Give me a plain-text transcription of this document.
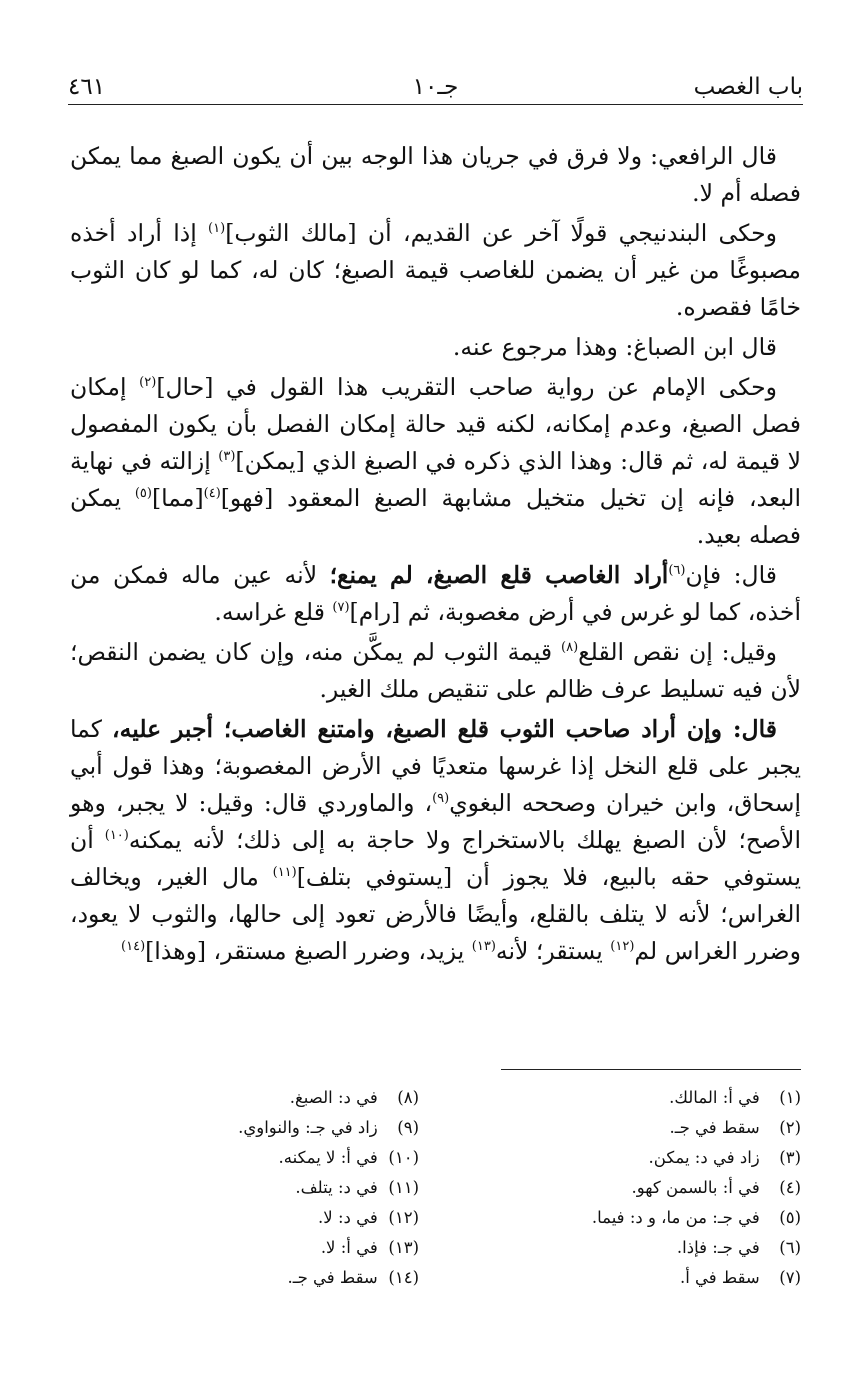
باب الغصب
جـ١٠
٤٦١

قال الرافعي: ولا فرق في جريان هذا الوجه بين أن يكون الصبغ مما يمكن فصله أم لا.

وحكى البندنيجي قولًا آخر عن القديم، أن [مالك الثوب]$^{(١)}$ إذا أراد أخذه مصبوغًا من غير أن يضمن للغاصب قيمة الصبغ؛ كان له، كما لو كان الثوب خامًا فقصره.

قال ابن الصباغ: وهذا مرجوع عنه.

وحكى الإمام عن رواية صاحب التقريب هذا القول في [حال]$^{(٢)}$ إمكان فصل الصبغ، وعدم إمكانه، لكنه قيد حالة إمكان الفصل بأن يكون المفصول لا قيمة له، ثم قال: وهذا الذي ذكره في الصبغ الذي [يمكن]$^{(٣)}$ إزالته في نهاية البعد، فإنه إن تخيل متخيل مشابهة الصبغ المعقود [فهو]$^{(٤)}$[مما]$^{(٥)}$ يمكن فصله بعيد.

قال: فإن$^{(٦)}$أراد الغاصب قلع الصبغ، لم يمنع؛ لأنه عين ماله فمكن من أخذه، كما لو غرس في أرض مغصوبة، ثم [رام]$^{(٧)}$ قلع غراسه.

وقيل: إن نقص القلع$^{(٨)}$ قيمة الثوب لم يمكَّن منه، وإن كان يضمن النقص؛ لأن فيه تسليط عرف ظالم على تنقيص ملك الغير.

قال: وإن أراد صاحب الثوب قلع الصبغ، وامتنع الغاصب؛ أجبر عليه، كما يجبر على قلع النخل إذا غرسها متعديًا في الأرض المغصوبة؛ وهذا قول أبي إسحاق، وابن خيران وصححه البغوي$^{(٩)}$، والماوردي قال: وقيل: لا يجبر، وهو الأصح؛ لأن الصبغ يهلك بالاستخراج ولا حاجة به إلى ذلك؛ لأنه يمكنه$^{(١٠)}$ أن يستوفي حقه بالبيع، فلا يجوز أن [يستوفي بتلف]$^{(١١)}$ مال الغير، ويخالف الغراس؛ لأنه لا يتلف بالقلع، وأيضًا فالأرض تعود إلى حالها، والثوب لا يعود، وضرر الغراس لم$^{(١٢)}$ يستقر؛ لأنه$^{(١٣)}$ يزيد، وضرر الصبغ مستقر، [وهذا]$^{(١٤)}$

(١) في أ: المالك.
(٢) سقط في جـ.
(٣) زاد في د: يمكن.
(٤) في أ: بالسمن كهو.
(٥) في جـ: من ما، و د: فيما.
(٦) في جـ: فإذا.
(٧) سقط في أ.
(٨) في د: الصبغ.
(٩) زاد في جـ: والنواوي.
(١٠) في أ: لا يمكنه.
(١١) في د: يتلف.
(١٢) في د: لا.
(١٣) في أ: لا.
(١٤) سقط في جـ.
